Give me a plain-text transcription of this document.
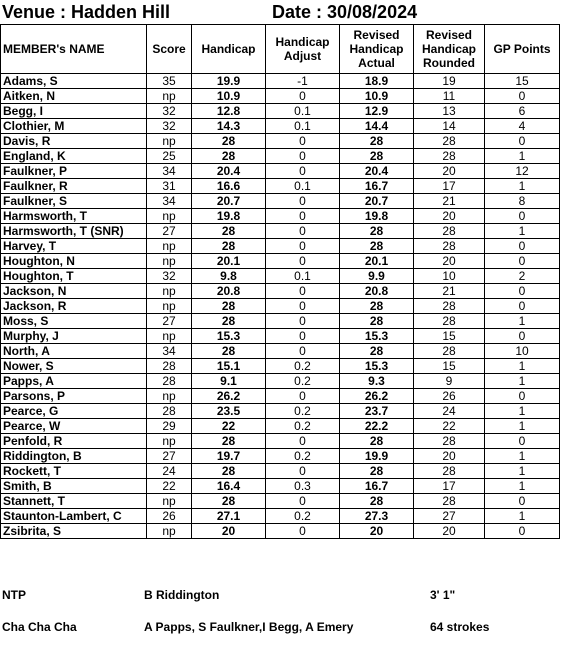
Venue : Hadden Hill	Date : 30/08/2024
MEMBER's NAME	Score	Handicap	Handicap Adjust	Revised Handicap Actual	Revised Handicap Rounded	GP Points
Adams, S	35	19.9	-1	18.9	19	15
Aitken, N	np	10.9	0	10.9	11	0
Begg, I	32	12.8	0.1	12.9	13	6
Clothier, M	32	14.3	0.1	14.4	14	4
Davis, R	np	28	0	28	28	0
England, K	25	28	0	28	28	1
Faulkner, P	34	20.4	0	20.4	20	12
Faulkner, R	31	16.6	0.1	16.7	17	1
Faulkner, S	34	20.7	0	20.7	21	8
Harmsworth, T	np	19.8	0	19.8	20	0
Harmsworth, T (SNR)	27	28	0	28	28	1
Harvey, T	np	28	0	28	28	0
Houghton, N	np	20.1	0	20.1	20	0
Houghton, T	32	9.8	0.1	9.9	10	2
Jackson, N	np	20.8	0	20.8	21	0
Jackson, R	np	28	0	28	28	0
Moss, S	27	28	0	28	28	1
Murphy, J	np	15.3	0	15.3	15	0
North, A	34	28	0	28	28	10
Nower, S	28	15.1	0.2	15.3	15	1
Papps, A	28	9.1	0.2	9.3	9	1
Parsons, P	np	26.2	0	26.2	26	0
Pearce, G	28	23.5	0.2	23.7	24	1
Pearce, W	29	22	0.2	22.2	22	1
Penfold, R	np	28	0	28	28	0
Riddington, B	27	19.7	0.2	19.9	20	1
Rockett, T	24	28	0	28	28	1
Smith, B	22	16.4	0.3	16.7	17	1
Stannett, T	np	28	0	28	28	0
Staunton-Lambert, C	26	27.1	0.2	27.3	27	1
Zsibrita, S	np	20	0	20	20	0
NTP	B Riddington	3' 1"
Cha Cha Cha	A Papps, S Faulkner,I Begg, A Emery	64 strokes
